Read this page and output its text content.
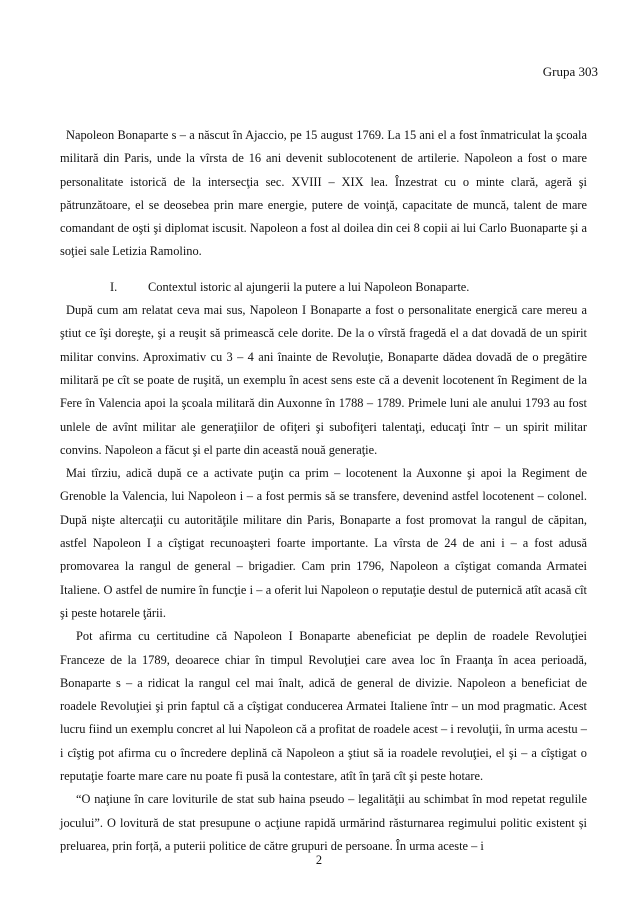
Grupa 303

Napoleon Bonaparte s – a născut în Ajaccio, pe 15 august 1769. La 15 ani el a fost înmatriculat la şcoala militară din Paris, unde la vîrsta de 16 ani devenit sublocotenent de artilerie. Napoleon a fost o mare personalitate istorică de la intersecţia sec. XVIII – XIX lea. Înzestrat cu o minte clară, ageră şi pătrunzătoare, el se deosebea prin mare energie, putere de voinţă, capacitate de muncă, talent de mare comandant de oşti şi diplomat iscusit. Napoleon a fost al doilea din cei 8 copii ai lui Carlo Buonaparte şi a soţiei sale Letizia Ramolino.

I.	Contextul istoric al ajungerii la putere a lui Napoleon Bonaparte.

După cum am relatat ceva mai sus, Napoleon I Bonaparte a fost o personalitate energică care mereu a ştiut ce îşi doreşte, şi a reuşit să primească cele dorite. De la o vîrstă fragedă el a dat dovadă de un spirit militar convins. Aproximativ cu 3 – 4 ani înainte de Revoluţie, Bonaparte dădea dovadă de o pregătire militară pe cît se poate de ruşită, un exemplu în acest sens este că a devenit locotenent în Regiment de la Fere în Valencia apoi la şcoala militară din Auxonne în 1788 – 1789. Primele luni ale anului 1793 au fost unlele de avînt militar ale generaţiilor de ofiţeri şi subofiţeri talentaţi, educaţi într – un spirit militar convins. Napoleon a făcut şi el parte din această nouă generaţie.

Mai tîrziu, adică după ce a activate puţin ca prim – locotenent la Auxonne şi apoi la Regiment de Grenoble la Valencia, lui Napoleon i – a fost permis să se transfere, devenind astfel locotenent – colonel. După nişte altercaţii cu autorităţile militare din Paris, Bonaparte a fost promovat la rangul de căpitan, astfel Napoleon I a cîştigat recunoaşteri foarte importante. La vîrsta de 24 de ani i – a fost adusă promovarea la rangul de general – brigadier. Cam prin 1796, Napoleon a cîştigat comanda Armatei Italiene. O astfel de numire în funcţie i – a oferit lui Napoleon o reputaţie destul de puternică atît acasă cît şi peste hotarele ţării.

Pot afirma cu certitudine că Napoleon I Bonaparte abeneficiat pe deplin de roadele Revoluţiei Franceze de la 1789, deoarece chiar în timpul Revoluţiei care avea loc în Fraanţa în acea perioadă, Bonaparte s – a ridicat la rangul cel mai înalt, adică de general de divizie. Napoleon a beneficiat de roadele Revoluţiei şi prin faptul că a cîştigat conducerea Armatei Italiene într – un mod pragmatic. Acest lucru fiind un exemplu concret al lui Napoleon că a profitat de roadele acest – i revoluţii, în urma acestu – i cîştig pot afirma cu o încredere deplină că Napoleon a ştiut să ia roadele revoluţiei, el şi – a cîştigat o reputaţie foarte mare care nu poate fi pusă la contestare, atît în ţară cît şi peste hotare.

“O naţiune în care loviturile de stat sub haina pseudo – legalităţii au schimbat în mod repetat regulile jocului”. O lovitură de stat presupune o acţiune rapidă urmărind răsturnarea regimului politic existent și preluarea, prin forță, a puterii politice de către grupuri de persoane. În urma aceste – i

2
